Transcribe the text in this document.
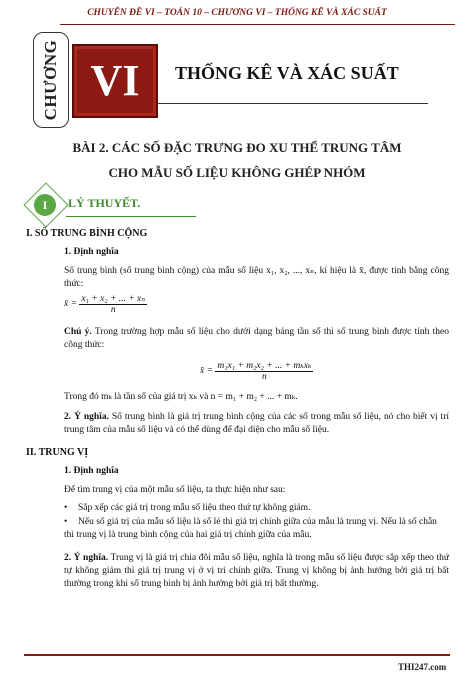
CHUYÊN ĐỀ VI – TOÁN 10 – CHƯƠNG VI – THỐNG KÊ VÀ XÁC SUẤT
CHƯƠNG VI	THỐNG KÊ VÀ XÁC SUẤT
BÀI 2. CÁC SỐ ĐẶC TRƯNG ĐO XU THẾ TRUNG TÂM
CHO MẪU SỐ LIỆU KHÔNG GHÉP NHÓM
I	LÝ THUYẾT.
I. SỐ TRUNG BÌNH CỘNG
1. Định nghĩa
Số trung bình (số trung bình cộng) của mẫu số liệu x₁, x₂, ..., xₙ, kí hiệu là x̄, được tính bằng công thức:
x̄ = $\frac{\text{x₁ + x₂ + ... + xₙ}}{n}$
Chú ý. Trong trường hợp mẫu số liệu cho dưới dạng bảng tần số thì số trung bình được tính theo công thức:
x̄ = $\frac{\text{m₁x₁ + m₂x₂ + ... + mₖxₖ}}{n}$
Trong đó mₖ là tần số của giá trị xₖ và n = m₁ + m₂ + ... + mₖ.
2. Ý nghĩa. Số trung bình là giá trị trung bình cộng của các số trong mẫu số liệu, nó cho biết vị trí trung tâm của mẫu số liệu và có thể dùng để đại diện cho mẫu số liệu.
II. TRUNG VỊ
1. Định nghĩa
Để tìm trung vị của một mẫu số liệu, ta thực hiện như sau:
• Sắp xếp các giá trị trong mẫu số liệu theo thứ tự không giảm.
• Nếu số giá trị của mẫu số liệu là số lẻ thì giá trị chính giữa của mẫu là trung vị. Nếu là số chẵn thì trung vị là trung bình cộng của hai giá trị chính giữa của mẫu.
2. Ý nghĩa. Trung vị là giá trị chia đôi mẫu số liệu, nghĩa là trong mẫu số liệu được sắp xếp theo thứ tự không giảm thì giá trị trung vị ở vị trí chính giữa. Trung vị không bị ảnh hưởng bởi giá trị bất thường trong khi số trung bình bị ảnh hưởng bởi giá trị bất thường.
THI247.com
